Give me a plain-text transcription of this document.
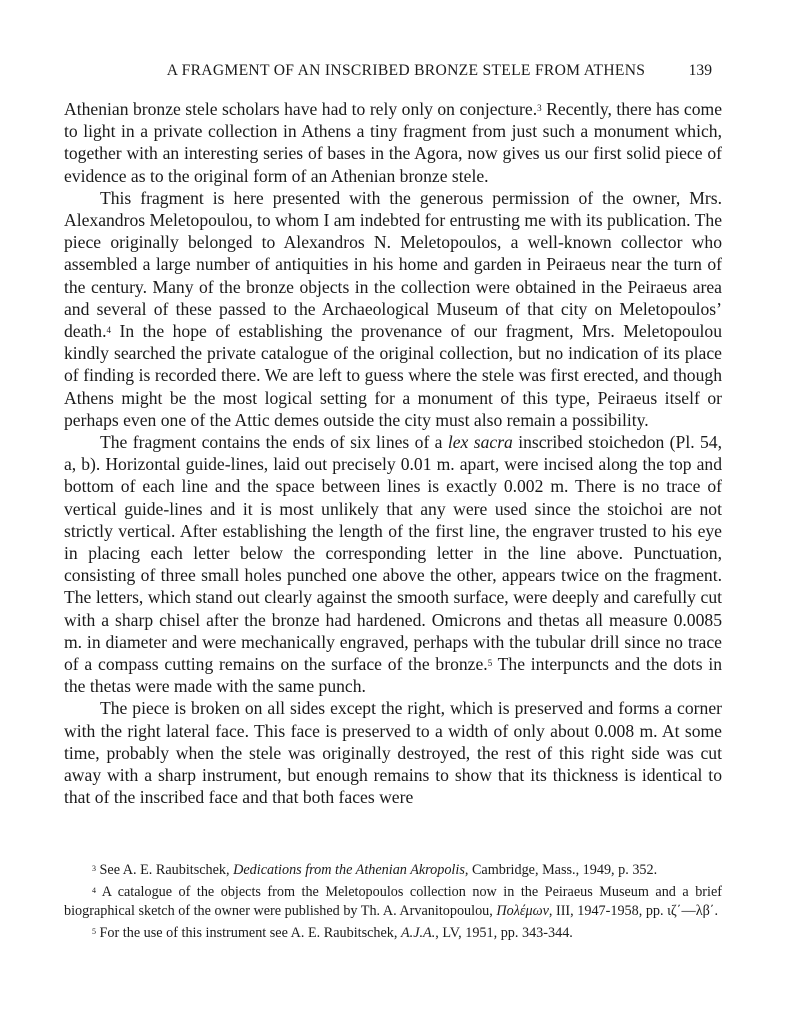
A FRAGMENT OF AN INSCRIBED BRONZE STELE FROM ATHENS	139

Athenian bronze stele scholars have had to rely only on conjecture.$^3$ Recently, there has come to light in a private collection in Athens a tiny fragment from just such a monument which, together with an interesting series of bases in the Agora, now gives us our first solid piece of evidence as to the original form of an Athenian bronze stele.

This fragment is here presented with the generous permission of the owner, Mrs. Alexandros Meletopoulou, to whom I am indebted for entrusting me with its publication. The piece originally belonged to Alexandros N. Meletopoulos, a well-known collector who assembled a large number of antiquities in his home and garden in Peiraeus near the turn of the century. Many of the bronze objects in the collection were obtained in the Peiraeus area and several of these passed to the Archaeological Museum of that city on Meletopoulos’ death.$^4$ In the hope of establishing the provenance of our fragment, Mrs. Meletopoulou kindly searched the private catalogue of the original collection, but no indication of its place of finding is recorded there. We are left to guess where the stele was first erected, and though Athens might be the most logical setting for a monument of this type, Peiraeus itself or perhaps even one of the Attic demes outside the city must also remain a possibility.

The fragment contains the ends of six lines of a lex sacra inscribed stoichedon (Pl. 54, a, b). Horizontal guide-lines, laid out precisely 0.01 m. apart, were incised along the top and bottom of each line and the space between lines is exactly 0.002 m. There is no trace of vertical guide-lines and it is most unlikely that any were used since the stoichoi are not strictly vertical. After establishing the length of the first line, the engraver trusted to his eye in placing each letter below the corresponding letter in the line above. Punctuation, consisting of three small holes punched one above the other, appears twice on the fragment. The letters, which stand out clearly against the smooth surface, were deeply and carefully cut with a sharp chisel after the bronze had hardened. Omicrons and thetas all measure 0.0085 m. in diameter and were mechanically engraved, perhaps with the tubular drill since no trace of a compass cutting remains on the surface of the bronze.$^5$ The interpuncts and the dots in the thetas were made with the same punch.

The piece is broken on all sides except the right, which is preserved and forms a corner with the right lateral face. This face is preserved to a width of only about 0.008 m. At some time, probably when the stele was originally destroyed, the rest of this right side was cut away with a sharp instrument, but enough remains to show that its thickness is identical to that of the inscribed face and that both faces were

$^3$ See A. E. Raubitschek, Dedications from the Athenian Akropolis, Cambridge, Mass., 1949, p. 352.

$^4$ A catalogue of the objects from the Meletopoulos collection now in the Peiraeus Museum and a brief biographical sketch of the owner were published by Th. A. Arvanitopoulou, Πολέμων, III, 1947-1958, pp. ιζ΄—λβ΄.

$^5$ For the use of this instrument see A. E. Raubitschek, A.J.A., LV, 1951, pp. 343-344.
